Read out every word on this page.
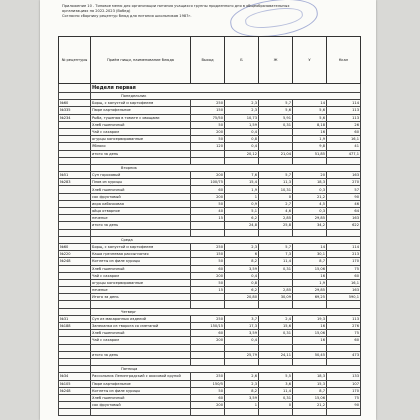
Приложение 10 . Типовое меню для организации питания учащихся группы продленного дня в общеобразовательных
организациях на 2022-2023 (Вобед)
Согласно сборнику рецептур блюд для питания школьников 1987г.
№ рецептуры	Приём пищи, наименование блюда	Выход	Б	Ж	У	Ккал
	Неделя первая					
	Понедельник					
№60	Борщ, с капустой и картофелем	250	2,3	5,7	14	114
№335	Пюре картофельное	150	2,3	5,6	5,6	113
№234	Рыба, тушеная в томате с овощами	75/50	10,73	5,91	5,6	113
	Хлеб пшеничный	50	1,59	0,31	8,18	26
	Чай с сахаром	200	0,4		16	60
	огурцы консервированные	50	0,8		1,9	16,1
	Яблоко	120	0,4		9,8	41
	итого за день		20,12	21,04	51,85	477,1

	Вторник					
№51	Суп гороховый	200	7,6	5,7	20	163
№283	Плов из курицы	100/75	15,4	11,3	18,3	270
	Хлеб пшеничный	60	1,9	10,31	0,3	57
	сок фруктовый	200	1	0	21,2	90
	икра кабачковая	50	0,9	2,7	4,5	46
	яйцо отварное	40	5,1	4,6	0,3	64
	печенье	15	6,2	2,85	29,85	163
	итого за день		24,8	25,8	34,2	622

	Среда					
№60	Борщ, с капустой и картофелем	250	2,3	5,7	14	114
№220	Каша гречневая рассыпчатая	150	6	7,3	30,1	213
№248	Котлеты из филе курицы	50	8,2	11,4	8,7	170
	Хлеб пшеничный	60	3,59	0,31	15,06	75
	Чай с сахаром	200	0,4		16	60
	огурцы консервированные	50	0,8		1,9	16,1
	печенье	15	6,2	2,85	29,85	163
	Итого за день		20,80	30,09	69,25	590,1

	Четверг					
№31	Суп из макаронных изделий	250	3,7	2,4	19,3	113
№188	Запеканка из творога со сметаной	150/15	17,3	15,6	16	276
	Хлеб пшеничный	60	3,59	0,31	15,06	75
	Чай с сахаром	200	0,4		16	60

	итого за день		25,79	24,11	50,45	473

	Пятница					
№34	Рассольник Ленинградский с окосовой крупой	250	2,6	5,5	18,3	133
№105	Пюре картофельное	150/5	2,3	3,6	15,3	107
№248	Котлеты из филе курицы	50	8,2	11,4	8,7	170
	Хлеб пшеничный	60	3,59	0,31	15,06	75
	сок фруктовый	200	1	0	21,2	90
